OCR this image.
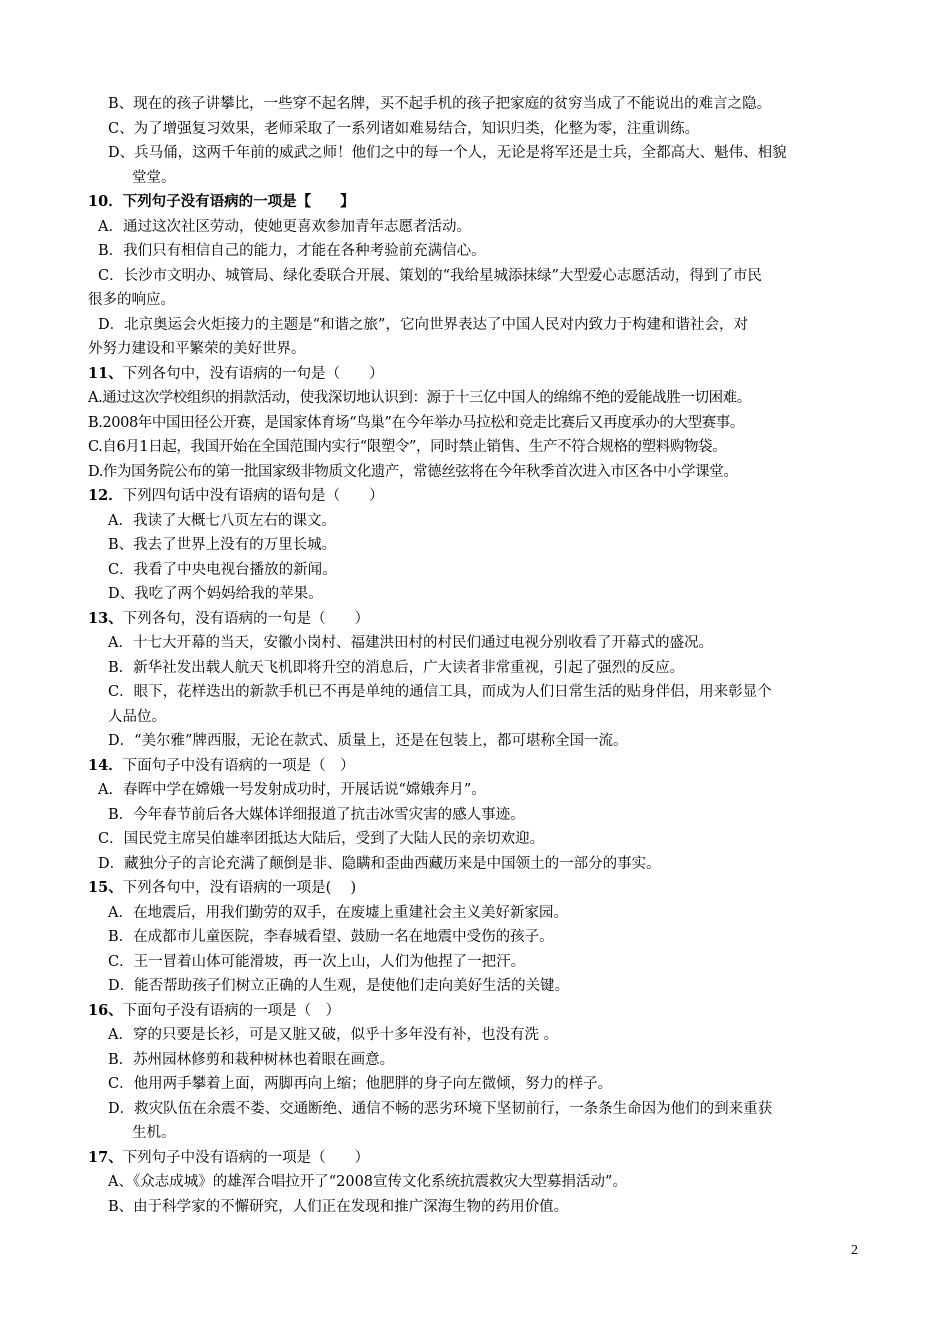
B、现在的孩子讲攀比，一些穿不起名牌，买不起手机的孩子把家庭的贫穷当成了不能说出的难言之隐。
C、为了增强复习效果，老师采取了一系列诸如难易结合，知识归类，化整为零，注重训练。
D、兵马俑，这两千年前的威武之师！他们之中的每一个人，无论是将军还是士兵，全都高大、魁伟、相貌
堂堂。
10．下列句子没有语病的一项是【　　】
A．通过这次社区劳动，使她更喜欢参加青年志愿者活动。
B．我们只有相信自己的能力，才能在各种考验前充满信心。
C．长沙市文明办、城管局、绿化委联合开展、策划的“我给星城添抹绿”大型爱心志愿活动，得到了市民
很多的响应。
D．北京奥运会火炬接力的主题是“和谐之旅”，它向世界表达了中国人民对内致力于构建和谐社会，对
外努力建设和平繁荣的美好世界。
11、下列各句中，没有语病的一句是（　　）
A.通过这次学校组织的捐款活动，使我深切地认识到：源于十三亿中国人的绵绵不绝的爱能战胜一切困难。
B.2008年中国田径公开赛，是国家体育场“鸟巢”在今年举办马拉松和竞走比赛后又再度承办的大型赛事。
C.自6月1日起，我国开始在全国范围内实行“限塑令”，同时禁止销售、生产不符合规格的塑料购物袋。
D.作为国务院公布的第一批国家级非物质文化遗产，常德丝弦将在今年秋季首次进入市区各中小学课堂。
12．下列四句话中没有语病的语句是（　　）
A．我读了大概七八页左右的课文。
B、我去了世界上没有的万里长城。
C．我看了中央电视台播放的新闻。
D、我吃了两个妈妈给我的苹果。
13、下列各句，没有语病的一句是（　　）
A．十七大开幕的当天，安徽小岗村、福建洪田村的村民们通过电视分别收看了开幕式的盛况。
B．新华社发出载人航天飞机即将升空的消息后，广大读者非常重视，引起了强烈的反应。
C．眼下，花样迭出的新款手机已不再是单纯的通信工具，而成为人们日常生活的贴身伴侣，用来彰显个
人品位。
D．“美尔雅”牌西服，无论在款式、质量上，还是在包装上，都可堪称全国一流。
14．下面句子中没有语病的一项是（　）
A．春晖中学在嫦娥一号发射成功时，开展话说“嫦娥奔月”。
B．今年春节前后各大媒体详细报道了抗击冰雪灾害的感人事迹。
C．国民党主席吴伯雄率团抵达大陆后，受到了大陆人民的亲切欢迎。
D．藏独分子的言论充满了颠倒是非、隐瞒和歪曲西藏历来是中国领土的一部分的事实。
15、下列各句中，没有语病的一项是(　 )
A．在地震后，用我们勤劳的双手，在废墟上重建社会主义美好新家园。
B．在成都市儿童医院，李春城看望、鼓励一名在地震中受伤的孩子。
C．王一冒着山体可能滑坡，再一次上山，人们为他捏了一把汗。
D．能否帮助孩子们树立正确的人生观，是使他们走向美好生活的关键。
16、下面句子没有语病的一项是（　）
A．穿的只要是长衫，可是又脏又破，似乎十多年没有补，也没有洗 。
B．苏州园林修剪和栽种树林也着眼在画意。
C．他用两手攀着上面，两脚再向上缩；他肥胖的身子向左微倾，努力的样子。
D．救灾队伍在余震不娄、交通断绝、通信不畅的恶劣环境下坚韧前行，一条条生命因为他们的到来重获
生机。
17、下列句子中没有语病的一项是（　　）
A、《众志成城》的雄浑合唱拉开了“2008宣传文化系统抗震救灾大型募捐活动”。
B、由于科学家的不懈研究，人们正在发现和推广深海生物的药用价值。
2
